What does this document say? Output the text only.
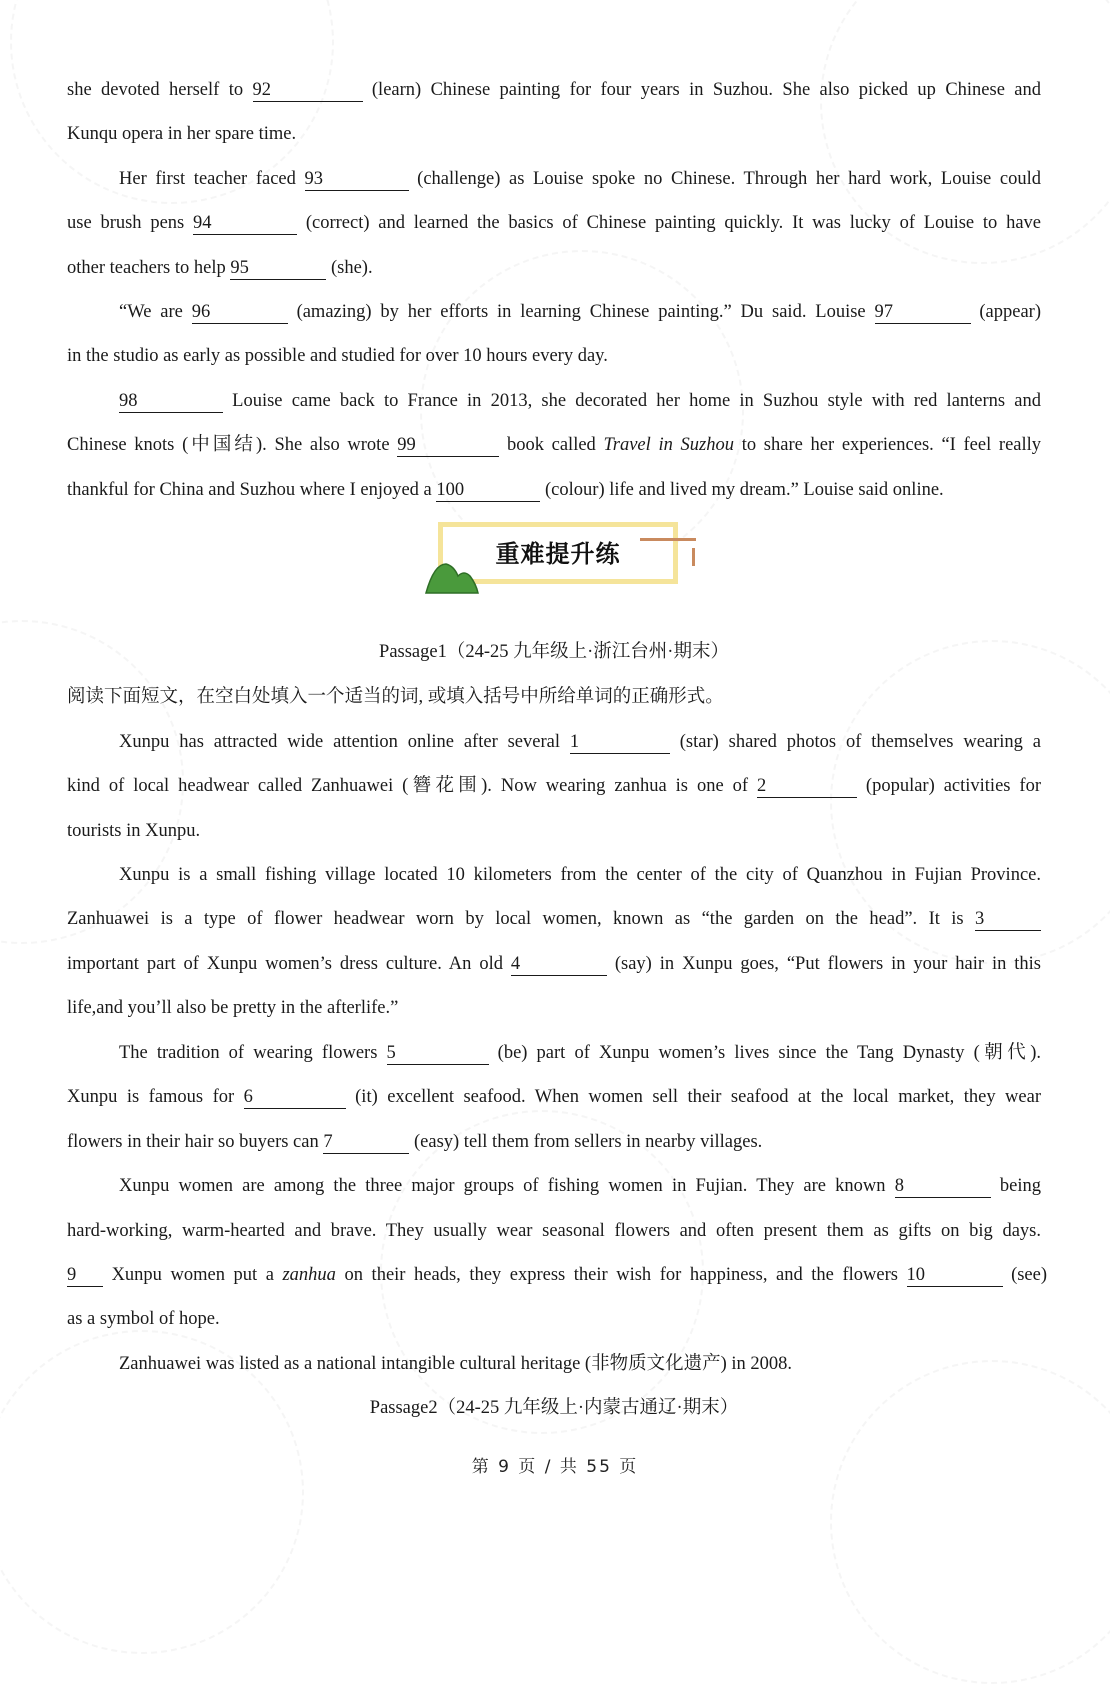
she devoted herself to 92	(learn) Chinese painting for four years in Suzhou. She also picked up Chinese and
Kunqu opera in her spare time.
Her first teacher faced 93	(challenge) as Louise spoke no Chinese. Through her hard work, Louise could
use brush pens 94	(correct) and learned the basics of Chinese painting quickly. It was lucky of Louise to have
other teachers to help 95	(she).
“We are 96	(amazing) by her efforts in learning Chinese painting.” Du said. Louise 97	(appear)
in the studio as early as possible and studied for over 10 hours every day.
98	Louise came back to France in 2013, she decorated her home in Suzhou style with red lanterns and
Chinese knots (中国结). She also wrote 99	book called Travel in Suzhou to share her experiences. “I feel really
thankful for China and Suzhou where I enjoyed a 100	(colour) life and lived my dream.” Louise said online.
重难提升练
Passage1（24-25 九年级上·浙江台州·期末）
阅读下面短文，在空白处填入一个适当的词, 或填入括号中所给单词的正确形式。
Xunpu has attracted wide attention online after several 1	(star) shared photos of themselves wearing a
kind of local headwear called Zanhuawei (簪花围). Now wearing zanhua is one of 2	(popular) activities for
tourists in Xunpu.
Xunpu is a small fishing village located 10 kilometers from the center of the city of Quanzhou in Fujian Province.
Zanhuawei is a type of flower headwear worn by local women, known as “the garden on the head”. It is 3
important part of Xunpu women’s dress culture. An old 4	(say) in Xunpu goes, “Put flowers in your hair in this
life,and you’ll also be pretty in the afterlife.”
The tradition of wearing flowers 5	(be) part of Xunpu women’s lives since the Tang Dynasty (朝代).
Xunpu is famous for 6	(it) excellent seafood. When women sell their seafood at the local market, they wear
flowers in their hair so buyers can 7	(easy) tell them from sellers in nearby villages.
Xunpu women are among the three major groups of fishing women in Fujian. They are known 8	being
hard-working, warm-hearted and brave. They usually wear seasonal flowers and often present them as gifts on big days.
9 Xunpu women put a zanhua on their heads, they express their wish for happiness, and the flowers 10	(see)
as a symbol of hope.
Zanhuawei was listed as a national intangible cultural heritage (非物质文化遗产) in 2008.
Passage2（24-25 九年级上·内蒙古通辽·期末）
第 9 页 / 共 55 页
